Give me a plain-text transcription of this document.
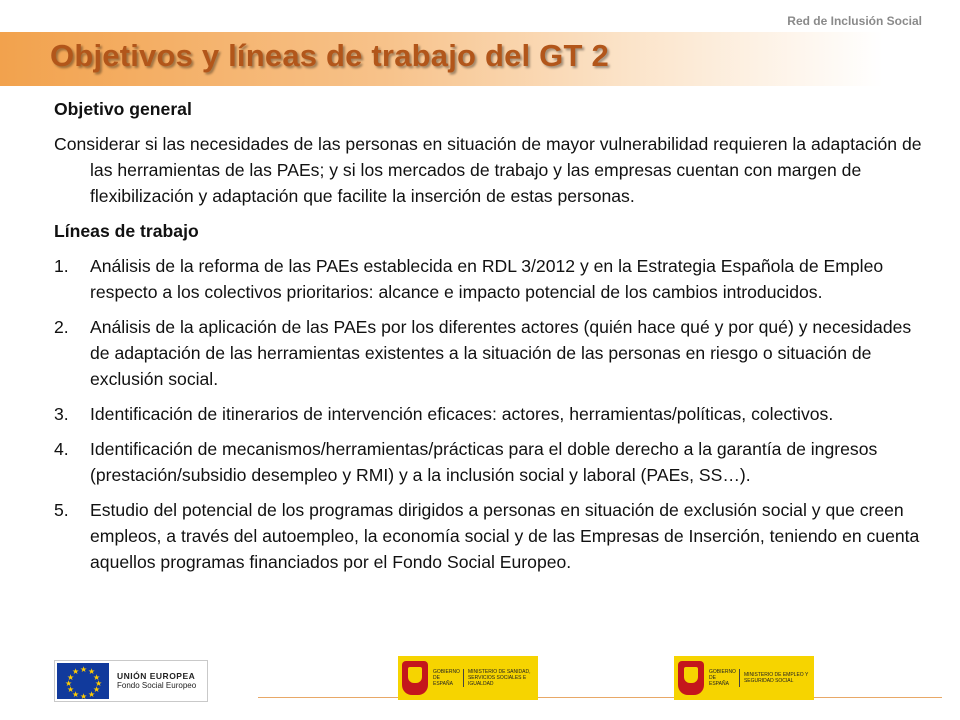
Red de Inclusión Social
Objetivos y líneas de trabajo del GT 2

Objetivo general

Considerar si las necesidades de las personas en situación de mayor vulnerabilidad requieren la adaptación de las herramientas de las PAEs; y si los mercados de trabajo y las empresas cuentan con margen de flexibilización y adaptación que facilite la inserción de estas personas.

Líneas de trabajo

1. Análisis de la reforma de las PAEs establecida en RDL 3/2012 y en la Estrategia Española de Empleo respecto a los colectivos prioritarios: alcance e impacto potencial de los cambios introducidos.
2. Análisis de la aplicación de las PAEs por los diferentes actores (quién hace qué y por qué) y necesidades de adaptación de las herramientas existentes a la situación de las personas en riesgo o situación de exclusión social.
3. Identificación de itinerarios de intervención eficaces: actores, herramientas/políticas, colectivos.
4. Identificación de mecanismos/herramientas/prácticas para el doble derecho a la garantía de ingresos (prestación/subsidio desempleo y RMI) y a la inclusión social y laboral (PAEs, SS…).
5. Estudio del potencial de los programas dirigidos a personas en situación de exclusión social y que creen empleos, a través del autoempleo, la economía social y de las Empresas de Inserción, teniendo en cuenta aquellos programas financiados por el Fondo Social Europeo.
★ ★
★
★
★
★
★
★
★
★
★
★	UNIÓN EUROPEA
Fondo Social Europeo
GOBIERNO DE ESPAÑA
MINISTERIO DE SANIDAD, SERVICIOS SOCIALES E IGUALDAD
GOBIERNO DE ESPAÑA
MINISTERIO DE EMPLEO Y SEGURIDAD SOCIAL
